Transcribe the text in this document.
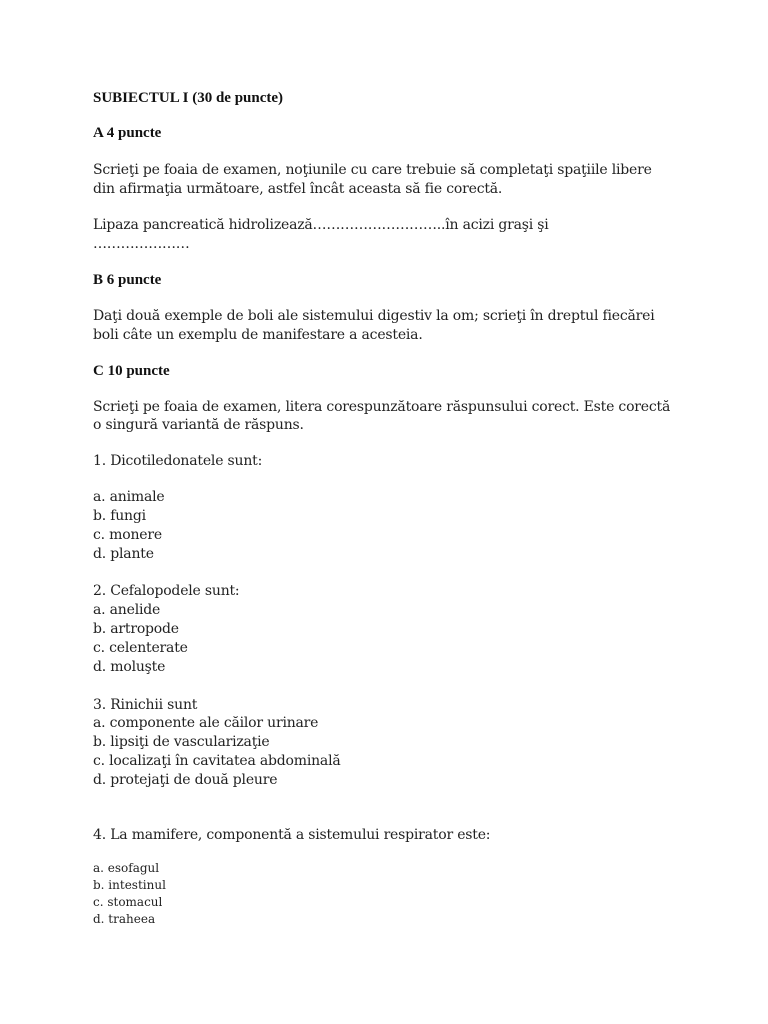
SUBIECTUL I (30 de puncte)
A 4 puncte
Scrieţi pe foaia de examen, noţiunile cu care trebuie să completaţi spaţiile libere
din afirmaţia următoare, astfel încât aceasta să fie corectă.
Lipaza pancreatică hidrolizează………………………..în acizi graşi şi
…………………
B 6 puncte
Daţi două exemple de boli ale sistemului digestiv la om; scrieţi în dreptul fiecărei
boli câte un exemplu de manifestare a acesteia.
C 10 puncte
Scrieţi pe foaia de examen, litera corespunzătoare răspunsului corect. Este corectă
o singură variantă de răspuns.
1. Dicotiledonatele sunt:
a. animale
b. fungi
c. monere
d. plante
2. Cefalopodele sunt:
a. anelide
b. artropode
c. celenterate
d. moluşte
3. Rinichii sunt
a. componente ale căilor urinare
b. lipsiţi de vascularizaţie
c. localizaţi în cavitatea abdominală
d. protejaţi de două pleure
4. La mamifere, componentă a sistemului respirator este:
a. esofagul
b. intestinul
c. stomacul
d. traheea
